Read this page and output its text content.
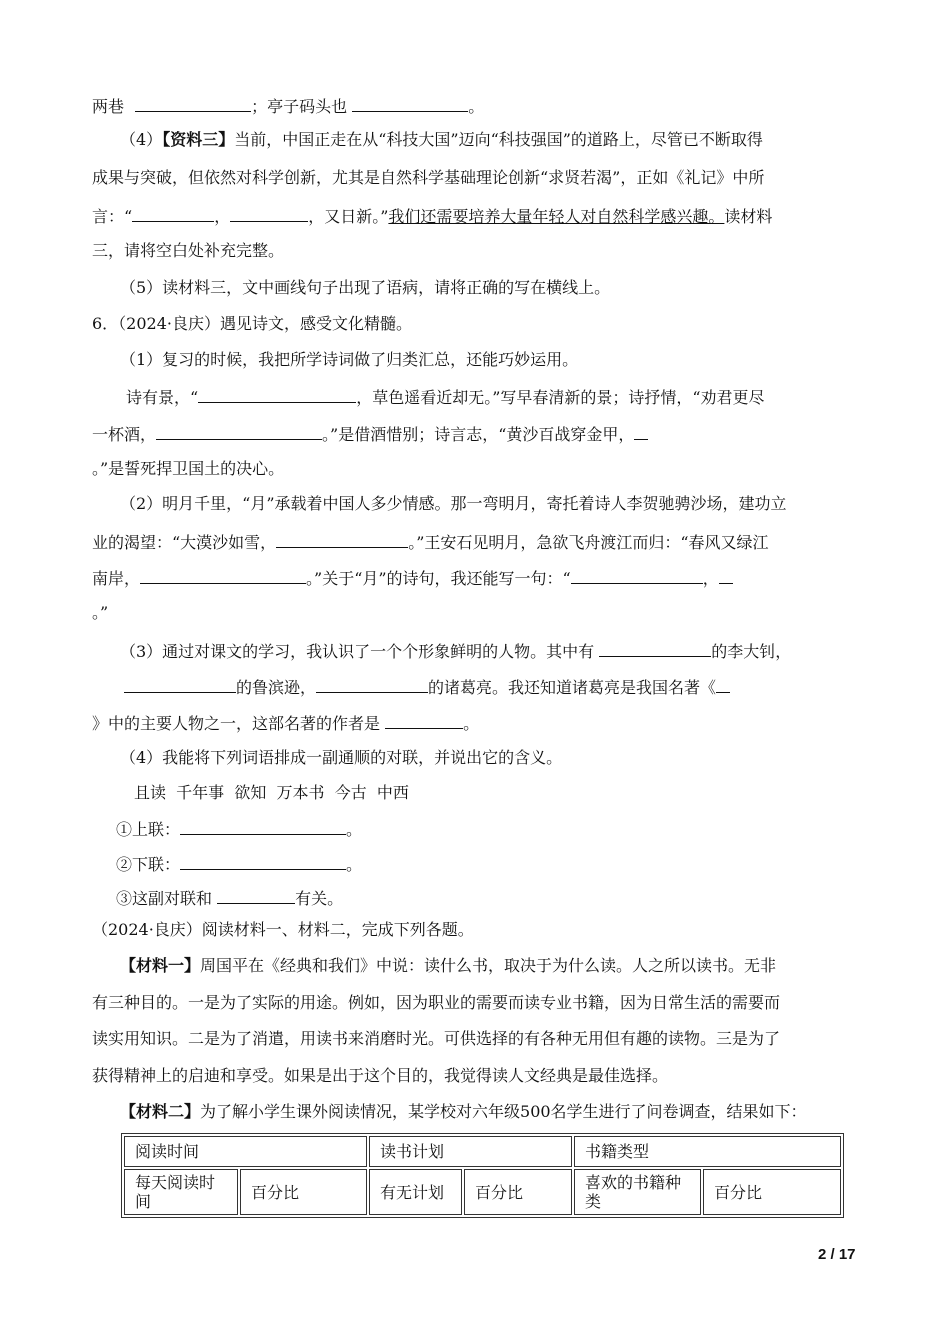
两巷	；亭子码头也	。
（4）【资料三】当前，中国正走在从“科技大国”迈向“科技强国”的道路上，尽管已不断取得
成果与突破，但依然对科学创新，尤其是自然科学基础理论创新“求贤若渴”，正如《礼记》中所
言：“	，	，又日新。”我们还需要培养大量年轻人对自然科学感兴趣。读材料
三，请将空白处补充完整。
（5）读材料三，文中画线句子出现了语病，请将正确的写在横线上。
6．（2024·良庆）遇见诗文，感受文化精髓。
（1）复习的时候，我把所学诗词做了归类汇总，还能巧妙运用。
诗有景，“	，草色遥看近却无。”写早春清新的景；诗抒情，“劝君更尽
一杯酒，	。”是借酒惜别；诗言志，“黄沙百战穿金甲，
。”是誓死捍卫国土的决心。
（2）明月千里，“月”承载着中国人多少情感。那一弯明月，寄托着诗人李贺驰骋沙场，建功立
业的渴望：“大漠沙如雪，	。”王安石见明月，急欲飞舟渡江而归：“春风又绿江
南岸，	。”关于“月”的诗句，我还能写一句：“	，
。”
（3）通过对课文的学习，我认识了一个个形象鲜明的人物。其中有	的李大钊，
的鲁滨逊，	的诸葛亮。我还知道诸葛亮是我国名著《
》中的主要人物之一，这部名著的作者是	。
（4）我能将下列词语排成一副通顺的对联，并说出它的含义。
且读  千年事  欲知  万本书  今古  中西
①上联：	。
②下联：	。
③这副对联和	有关。
（2024·良庆）阅读材料一、材料二，完成下列各题。
【材料一】周国平在《经典和我们》中说：读什么书，取决于为什么读。人之所以读书。无非
有三种目的。一是为了实际的用途。例如，因为职业的需要而读专业书籍，因为日常生活的需要而
读实用知识。二是为了消遣，用读书来消磨时光。可供选择的有各种无用但有趣的读物。三是为了
获得精神上的启迪和享受。如果是出于这个目的，我觉得读人文经典是最佳选择。
【材料二】为了解小学生课外阅读情况，某学校对六年级500名学生进行了问卷调查，结果如下：
阅读时间		读书计划		书籍类型	
每天阅读时间	百分比	有无计划	百分比	喜欢的书籍种类	百分比
2 / 17
